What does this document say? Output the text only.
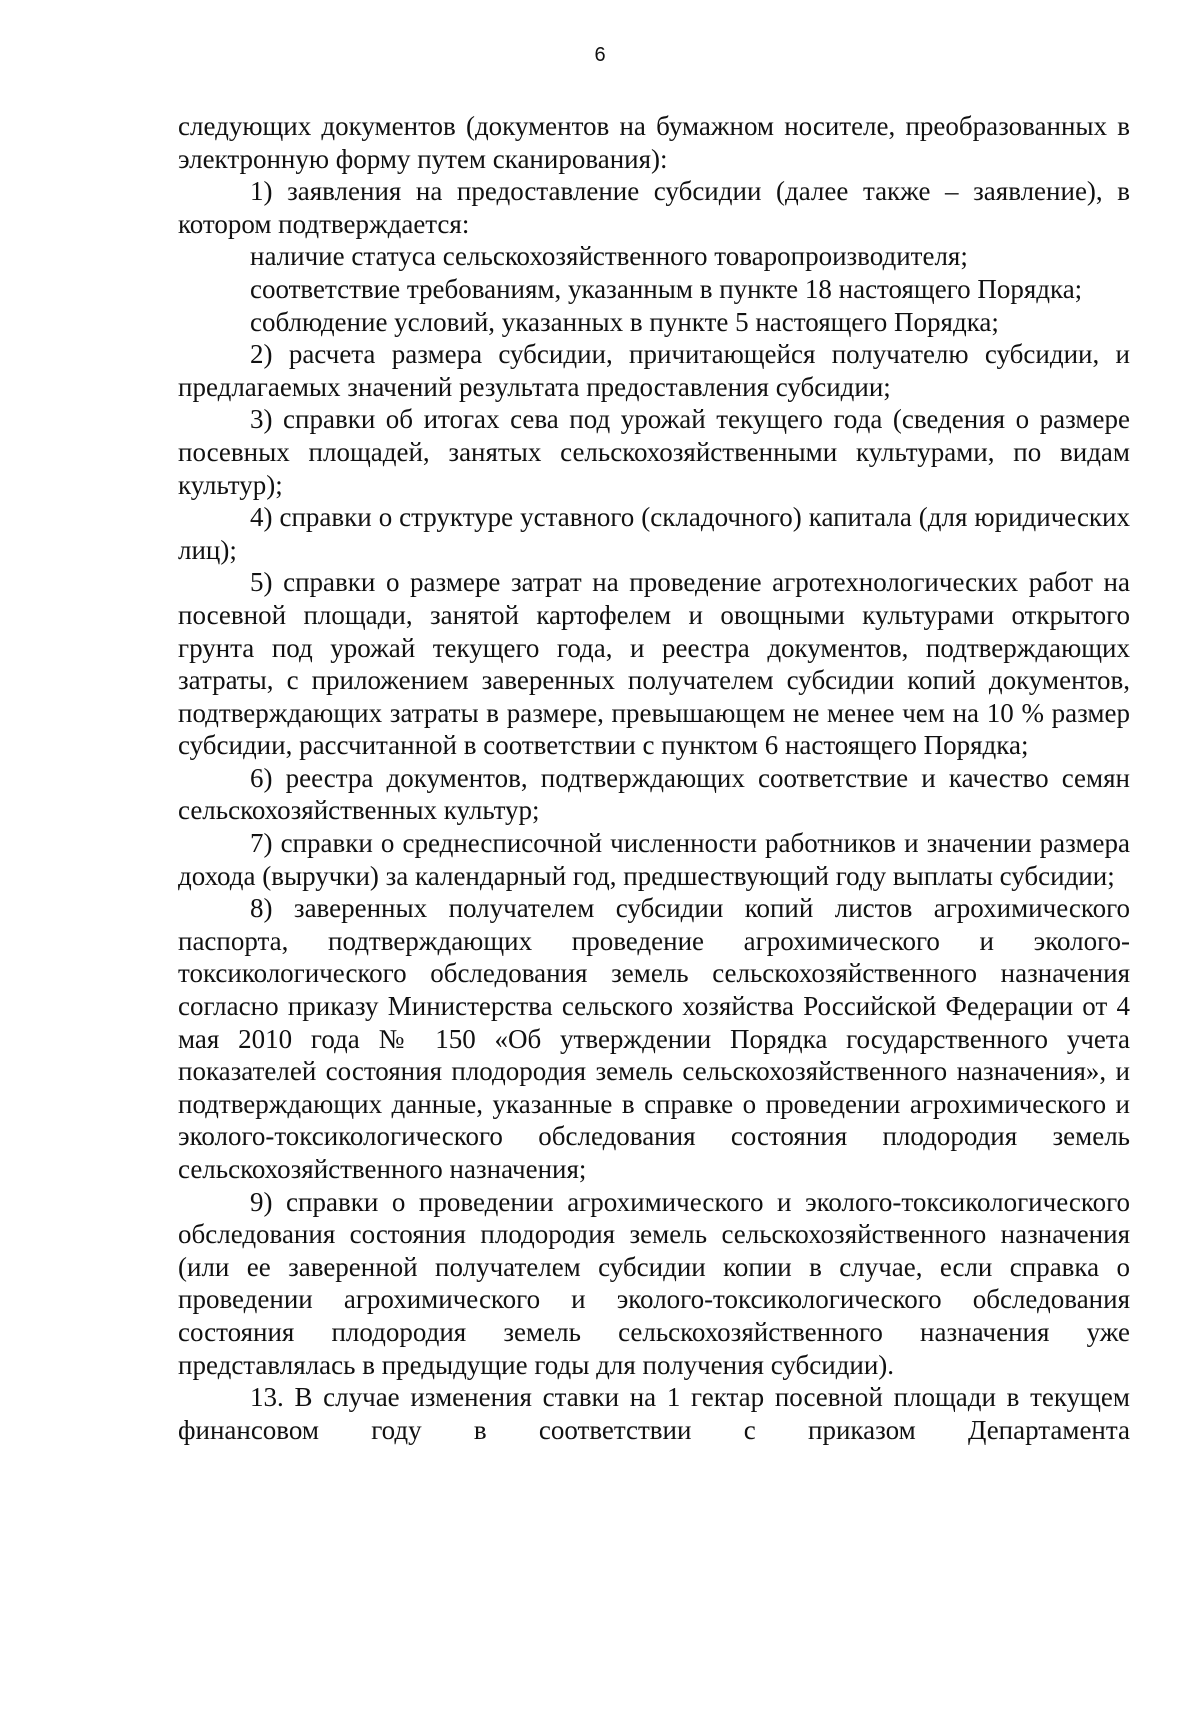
6

следующих документов (документов на бумажном носителе, преобразованных в электронную форму путем сканирования):

1) заявления на предоставление субсидии (далее также – заявление), в котором подтверждается:

наличие статуса сельскохозяйственного товаропроизводителя;

соответствие требованиям, указанным в пункте 18 настоящего Порядка;

соблюдение условий, указанных в пункте 5 настоящего Порядка;

2) расчета размера субсидии, причитающейся получателю субсидии, и предлагаемых значений результата предоставления субсидии;

3) справки об итогах сева под урожай текущего года (сведения о размере посевных площадей, занятых сельскохозяйственными культурами, по видам культур);

4) справки о структуре уставного (складочного) капитала (для юридических лиц);

5) справки о размере затрат на проведение агротехнологических работ на посевной площади, занятой картофелем и овощными культурами открытого грунта под урожай текущего года, и реестра документов, подтверждающих затраты, с приложением заверенных получателем субсидии копий документов, подтверждающих затраты в размере, превышающем не менее чем на 10 % размер субсидии, рассчитанной в соответствии с пунктом 6 настоящего Порядка;

6) реестра документов, подтверждающих соответствие и качество семян сельскохозяйственных культур;

7) справки о среднесписочной численности работников и значении размера дохода (выручки) за календарный год, предшествующий году выплаты субсидии;

8) заверенных получателем субсидии копий листов агрохимического паспорта, подтверждающих проведение агрохимического и эколого-токсикологического обследования земель сельскохозяйственного назначения согласно приказу Министерства сельского хозяйства Российской Федерации от 4 мая 2010 года № 150 «Об утверждении Порядка государственного учета показателей состояния плодородия земель сельскохозяйственного назначения», и подтверждающих данные, указанные в справке о проведении агрохимического и эколого-токсикологического обследования состояния плодородия земель сельскохозяйственного назначения;

9) справки о проведении агрохимического и эколого-токсикологического обследования состояния плодородия земель сельскохозяйственного назначения (или ее заверенной получателем субсидии копии в случае, если справка о проведении агрохимического и эколого-токсикологического обследования состояния плодородия земель сельскохозяйственного назначения уже представлялась в предыдущие годы для получения субсидии).

13. В случае изменения ставки на 1 гектар посевной площади в текущем финансовом году в соответствии с приказом Департамента
